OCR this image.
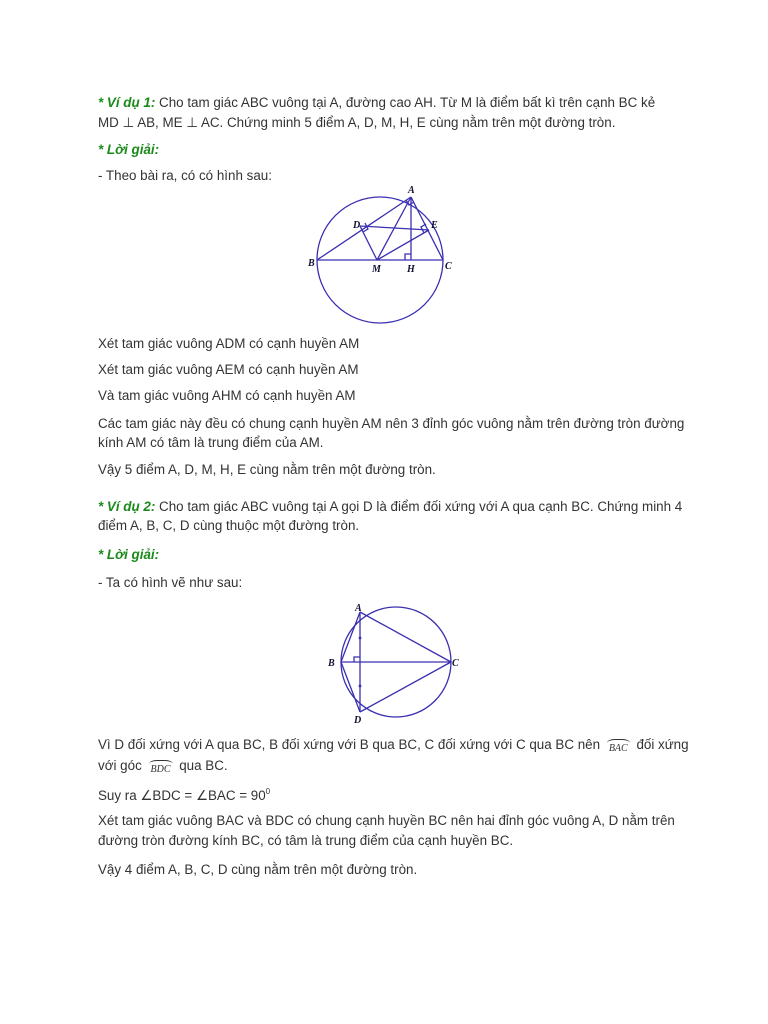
* Ví dụ 1: Cho tam giác ABC vuông tại A, đường cao AH. Từ M là điểm bất kì trên cạnh BC kẻ
MD ⊥ AB, ME ⊥ AC. Chứng minh 5 điểm A, D, M, H, E cùng nằm trên một đường tròn.
* Lời giải:
- Theo bài ra, có có hình sau:
A
B	C
D	E
M	H
Xét tam giác vuông ADM có cạnh huyền AM
Xét tam giác vuông AEM có cạnh huyền AM
Và tam giác vuông AHM có cạnh huyền AM
Các tam giác này đều có chung cạnh huyền AM nên 3 đỉnh góc vuông nằm trên đường tròn đường
kính AM có tâm là trung điểm của AM.
Vậy 5 điểm A, D, M, H, E cùng nằm trên một đường tròn.
* Ví dụ 2: Cho tam giác ABC vuông tại A gọi D là điểm đối xứng với A qua cạnh BC. Chứng minh 4
điểm A, B, C, D cùng thuộc một đường tròn.
* Lời giải:
- Ta có hình vẽ như sau:
A
B	C
D
Vì D đối xứng với A qua BC, B đối xứng với B qua BC, C đối xứng với C qua BC nên BAC đối xứng
với góc BDC qua BC.
Suy ra ∠BDC = ∠BAC = $90^0$
Xét tam giác vuông BAC và BDC có chung cạnh huyền BC nên hai đỉnh góc vuông A, D nằm trên
đường tròn đường kính BC, có tâm là trung điểm của cạnh huyền BC.
Vậy 4 điểm A, B, C, D cùng nằm trên một đường tròn.
